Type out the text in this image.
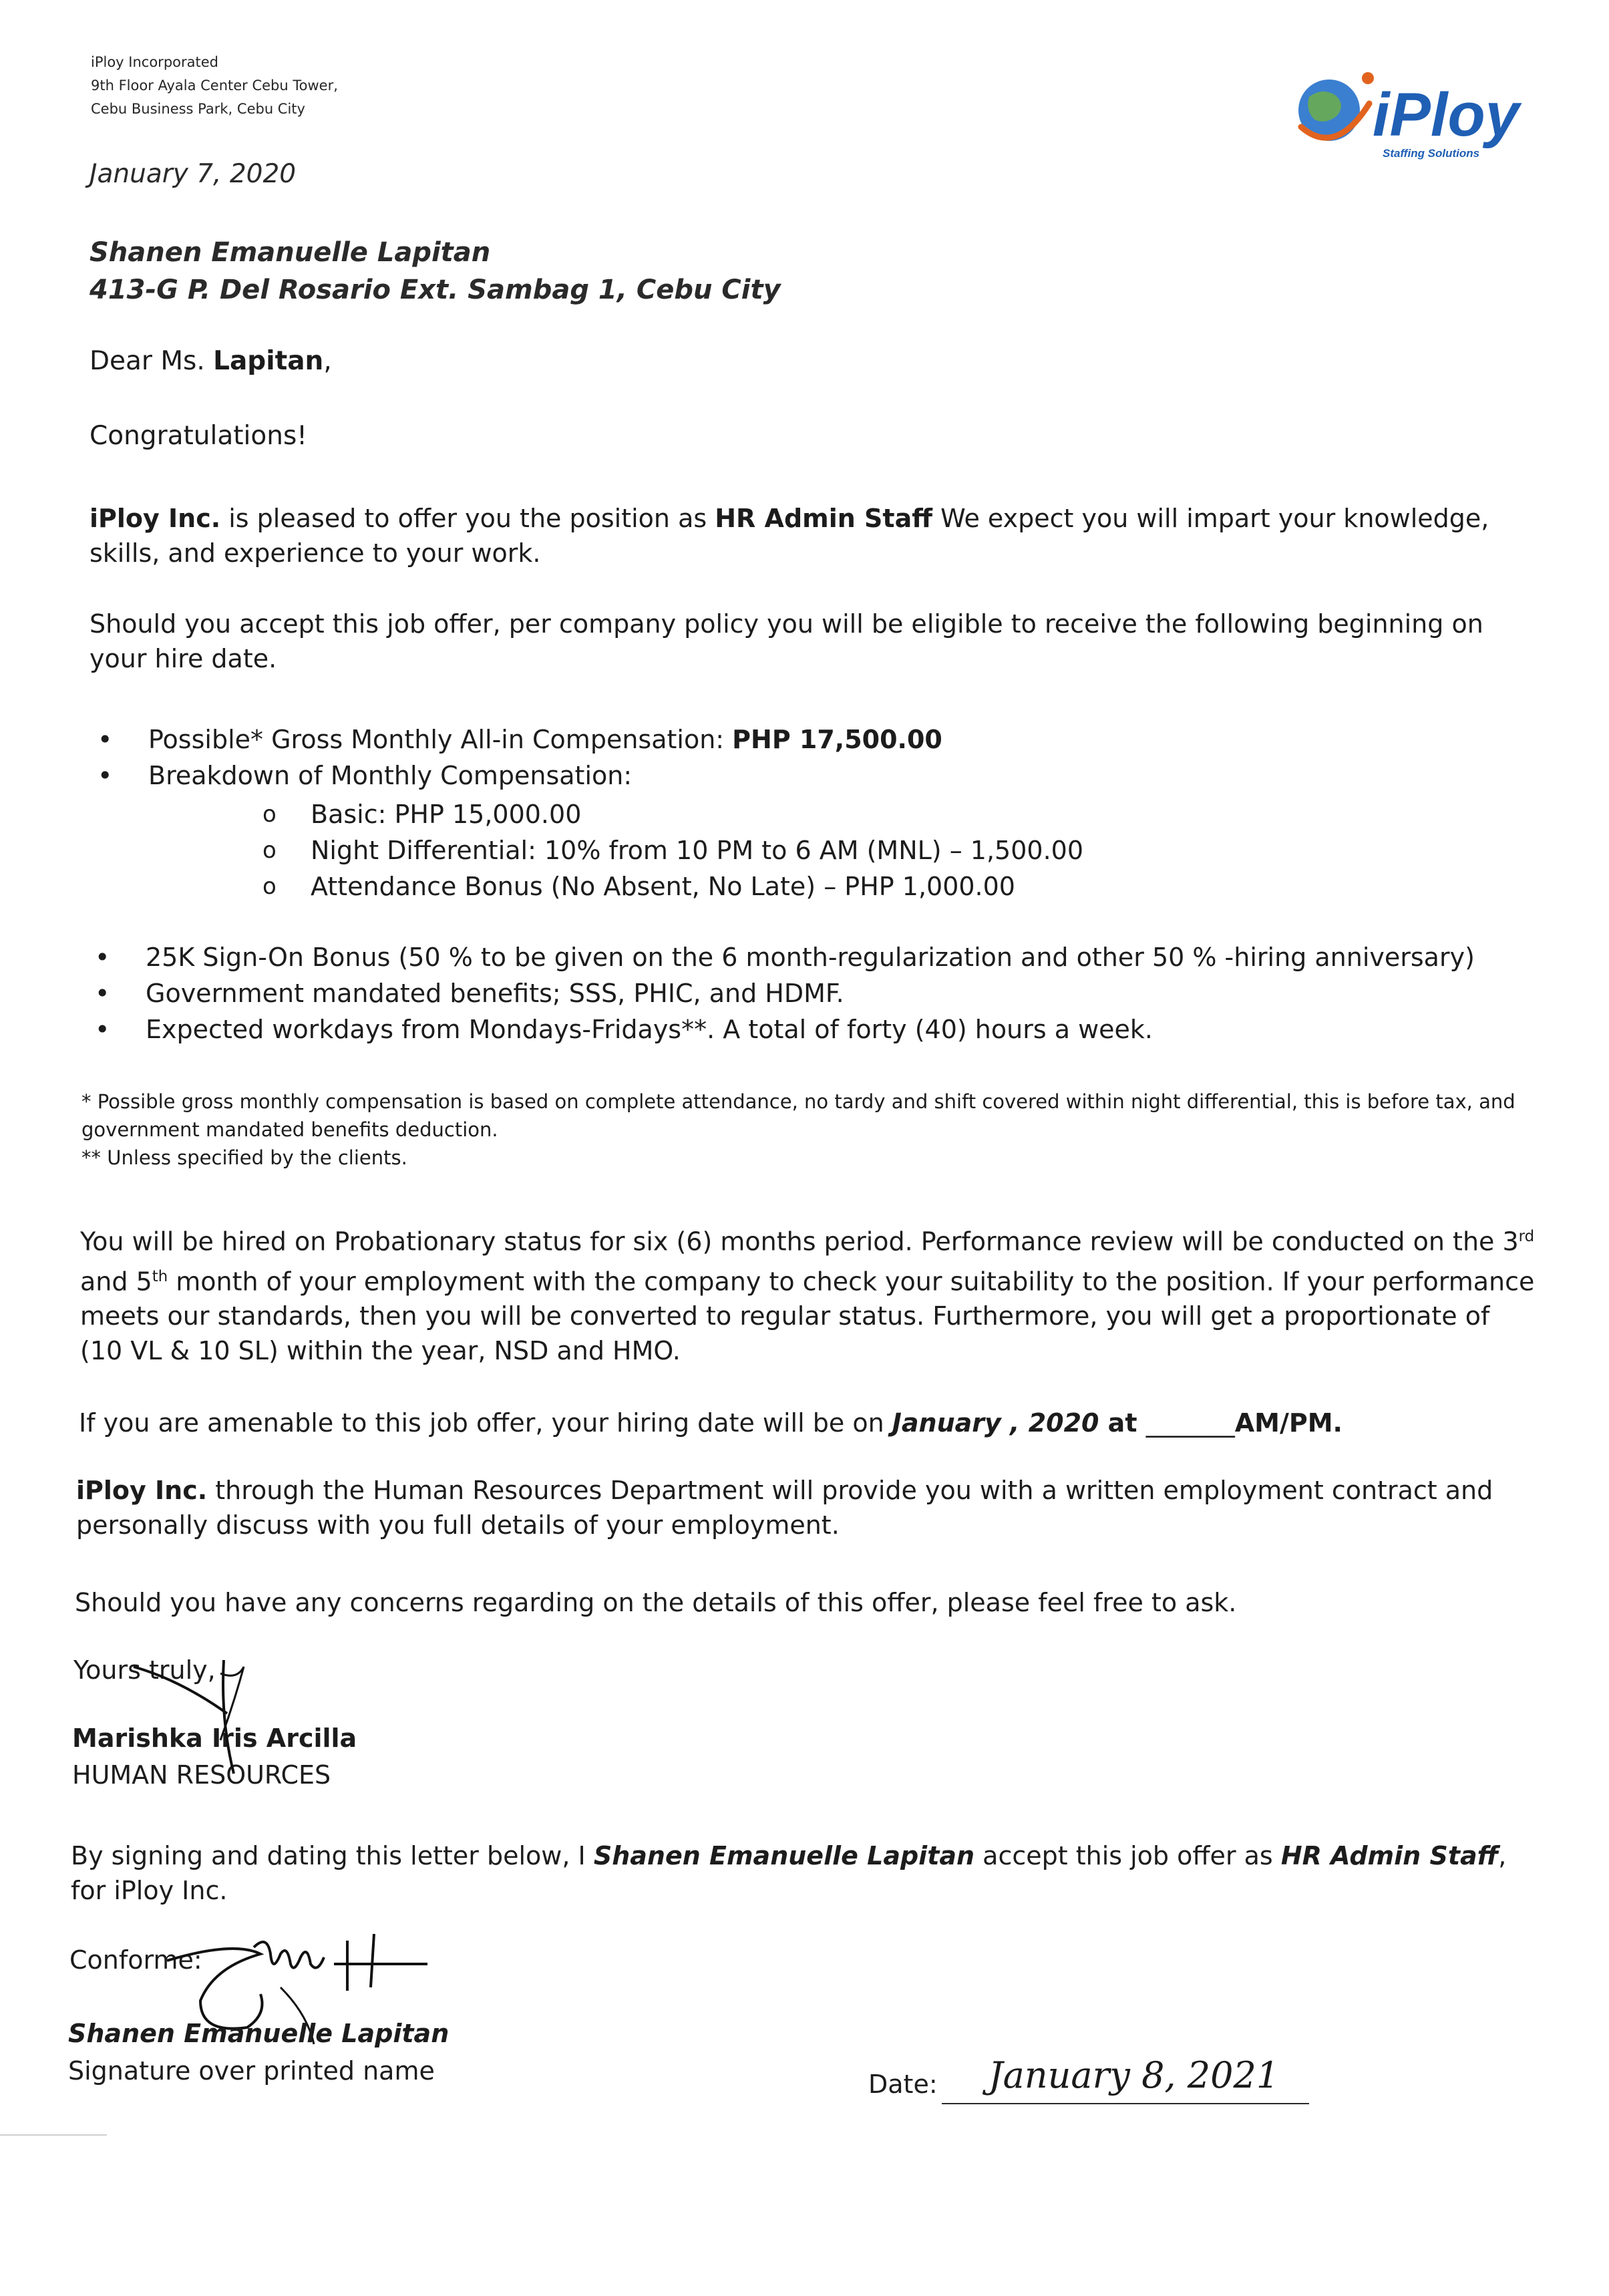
iPloy Incorporated
9th Floor Ayala Center Cebu Tower,
Cebu Business Park, Cebu City	iPloy
Staffing Solutions
January 7, 2020
Shanen Emanuelle Lapitan
413-G P. Del Rosario Ext. Sambag 1, Cebu City
Dear Ms. Lapitan,
Congratulations!
iPloy Inc. is pleased to offer you the position as HR Admin Staff We expect you will impart your knowledge, skills, and experience to your work.
Should you accept this job offer, per company policy you will be eligible to receive the following beginning on your hire date.
• Possible* Gross Monthly All-in Compensation: PHP 17,500.00
• Breakdown of Monthly Compensation:
o Basic: PHP 15,000.00
o Night Differential: 10% from 10 PM to 6 AM (MNL) – 1,500.00
o Attendance Bonus (No Absent, No Late) – PHP 1,000.00
• 25K Sign-On Bonus (50 % to be given on the 6 month-regularization and other 50 % -hiring anniversary)
• Government mandated benefits; SSS, PHIC, and HDMF.
• Expected workdays from Mondays-Fridays**. A total of forty (40) hours a week.
* Possible gross monthly compensation is based on complete attendance, no tardy and shift covered within night differential, this is before tax, and government mandated benefits deduction.
** Unless specified by the clients.
You will be hired on Probationary status for six (6) months period. Performance review will be conducted on the 3rd and 5th month of your employment with the company to check your suitability to the position. If your performance meets our standards, then you will be converted to regular status. Furthermore, you will get a proportionate of (10 VL & 10 SL) within the year, NSD and HMO.
If you are amenable to this job offer, your hiring date will be on January , 2020 at _______AM/PM.
iPloy Inc. through the Human Resources Department will provide you with a written employment contract and personally discuss with you full details of your employment.
Should you have any concerns regarding on the details of this offer, please feel free to ask.
Yours truly,
Marishka Iris Arcilla
HUMAN RESOURCES
By signing and dating this letter below, I Shanen Emanuelle Lapitan accept this job offer as HR Admin Staff, for iPloy Inc.
Conforme:
Shanen Emanuelle Lapitan
Signature over printed name	Date: January 8, 2021
